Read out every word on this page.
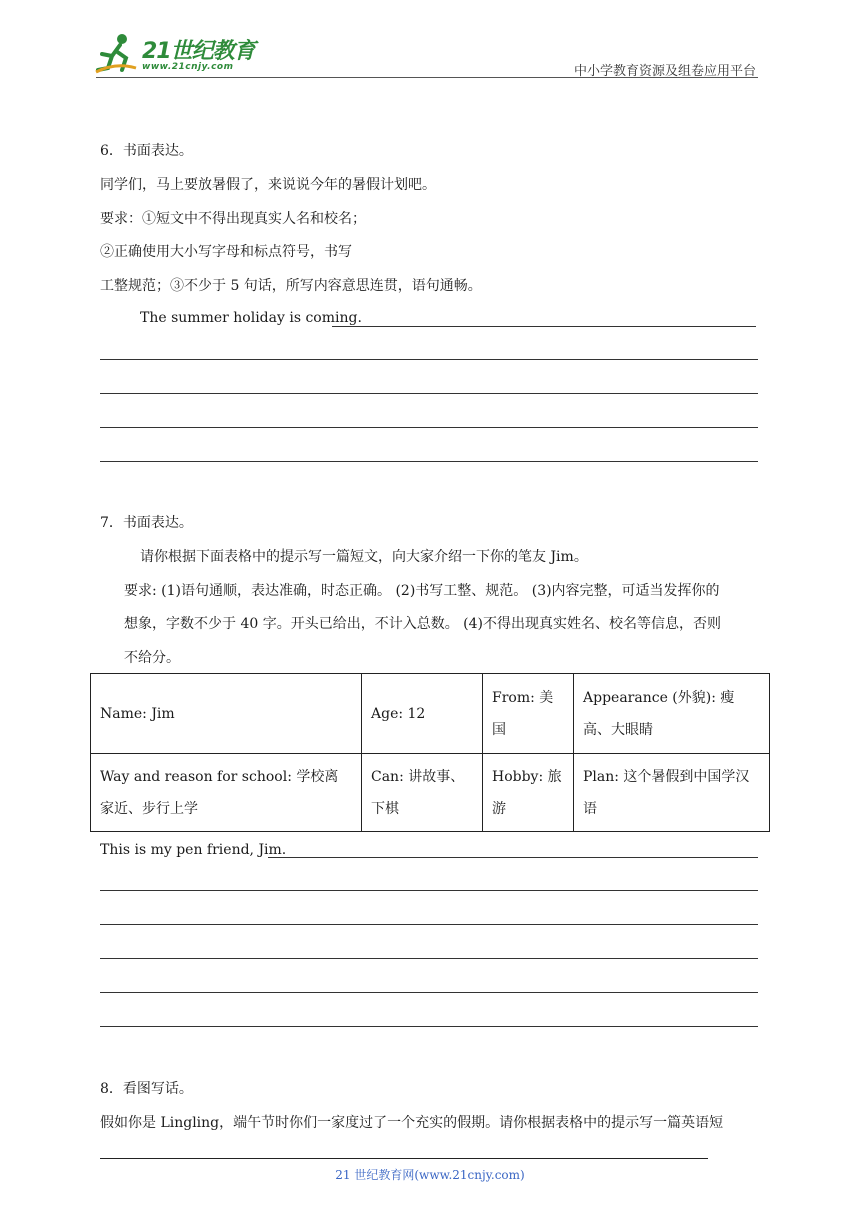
21世纪教育
www.21cnjy.com	中小学教育资源及组卷应用平台
6．书面表达。
同学们，马上要放暑假了，来说说今年的暑假计划吧。
要求：①短文中不得出现真实人名和校名；
②正确使用大小写字母和标点符号，书写
工整规范；③不少于 5 句话，所写内容意思连贯，语句通畅。
The summer holiday is coming.
7．书面表达。
请你根据下面表格中的提示写一篇短文，向大家介绍一下你的笔友 Jim。
要求: (1)语句通顺，表达准确，时态正确。 (2)书写工整、规范。 (3)内容完整，可适当发挥你的
想象，字数不少于 40 字。开头已给出，不计入总数。 (4)不得出现真实姓名、校名等信息，否则
不给分。
Name: Jim	Age: 12	From: 美国	Appearance (外貌): 瘦高、大眼睛
Way and reason for school: 学校离家近、步行上学	Can: 讲故事、下棋	Hobby: 旅游	Plan: 这个暑假到中国学汉语
This is my pen friend, Jim.
8．看图写话。
假如你是 Lingling，端午节时你们一家度过了一个充实的假期。请你根据表格中的提示写一篇英语短
21 世纪教育网(www.21cnjy.com)
